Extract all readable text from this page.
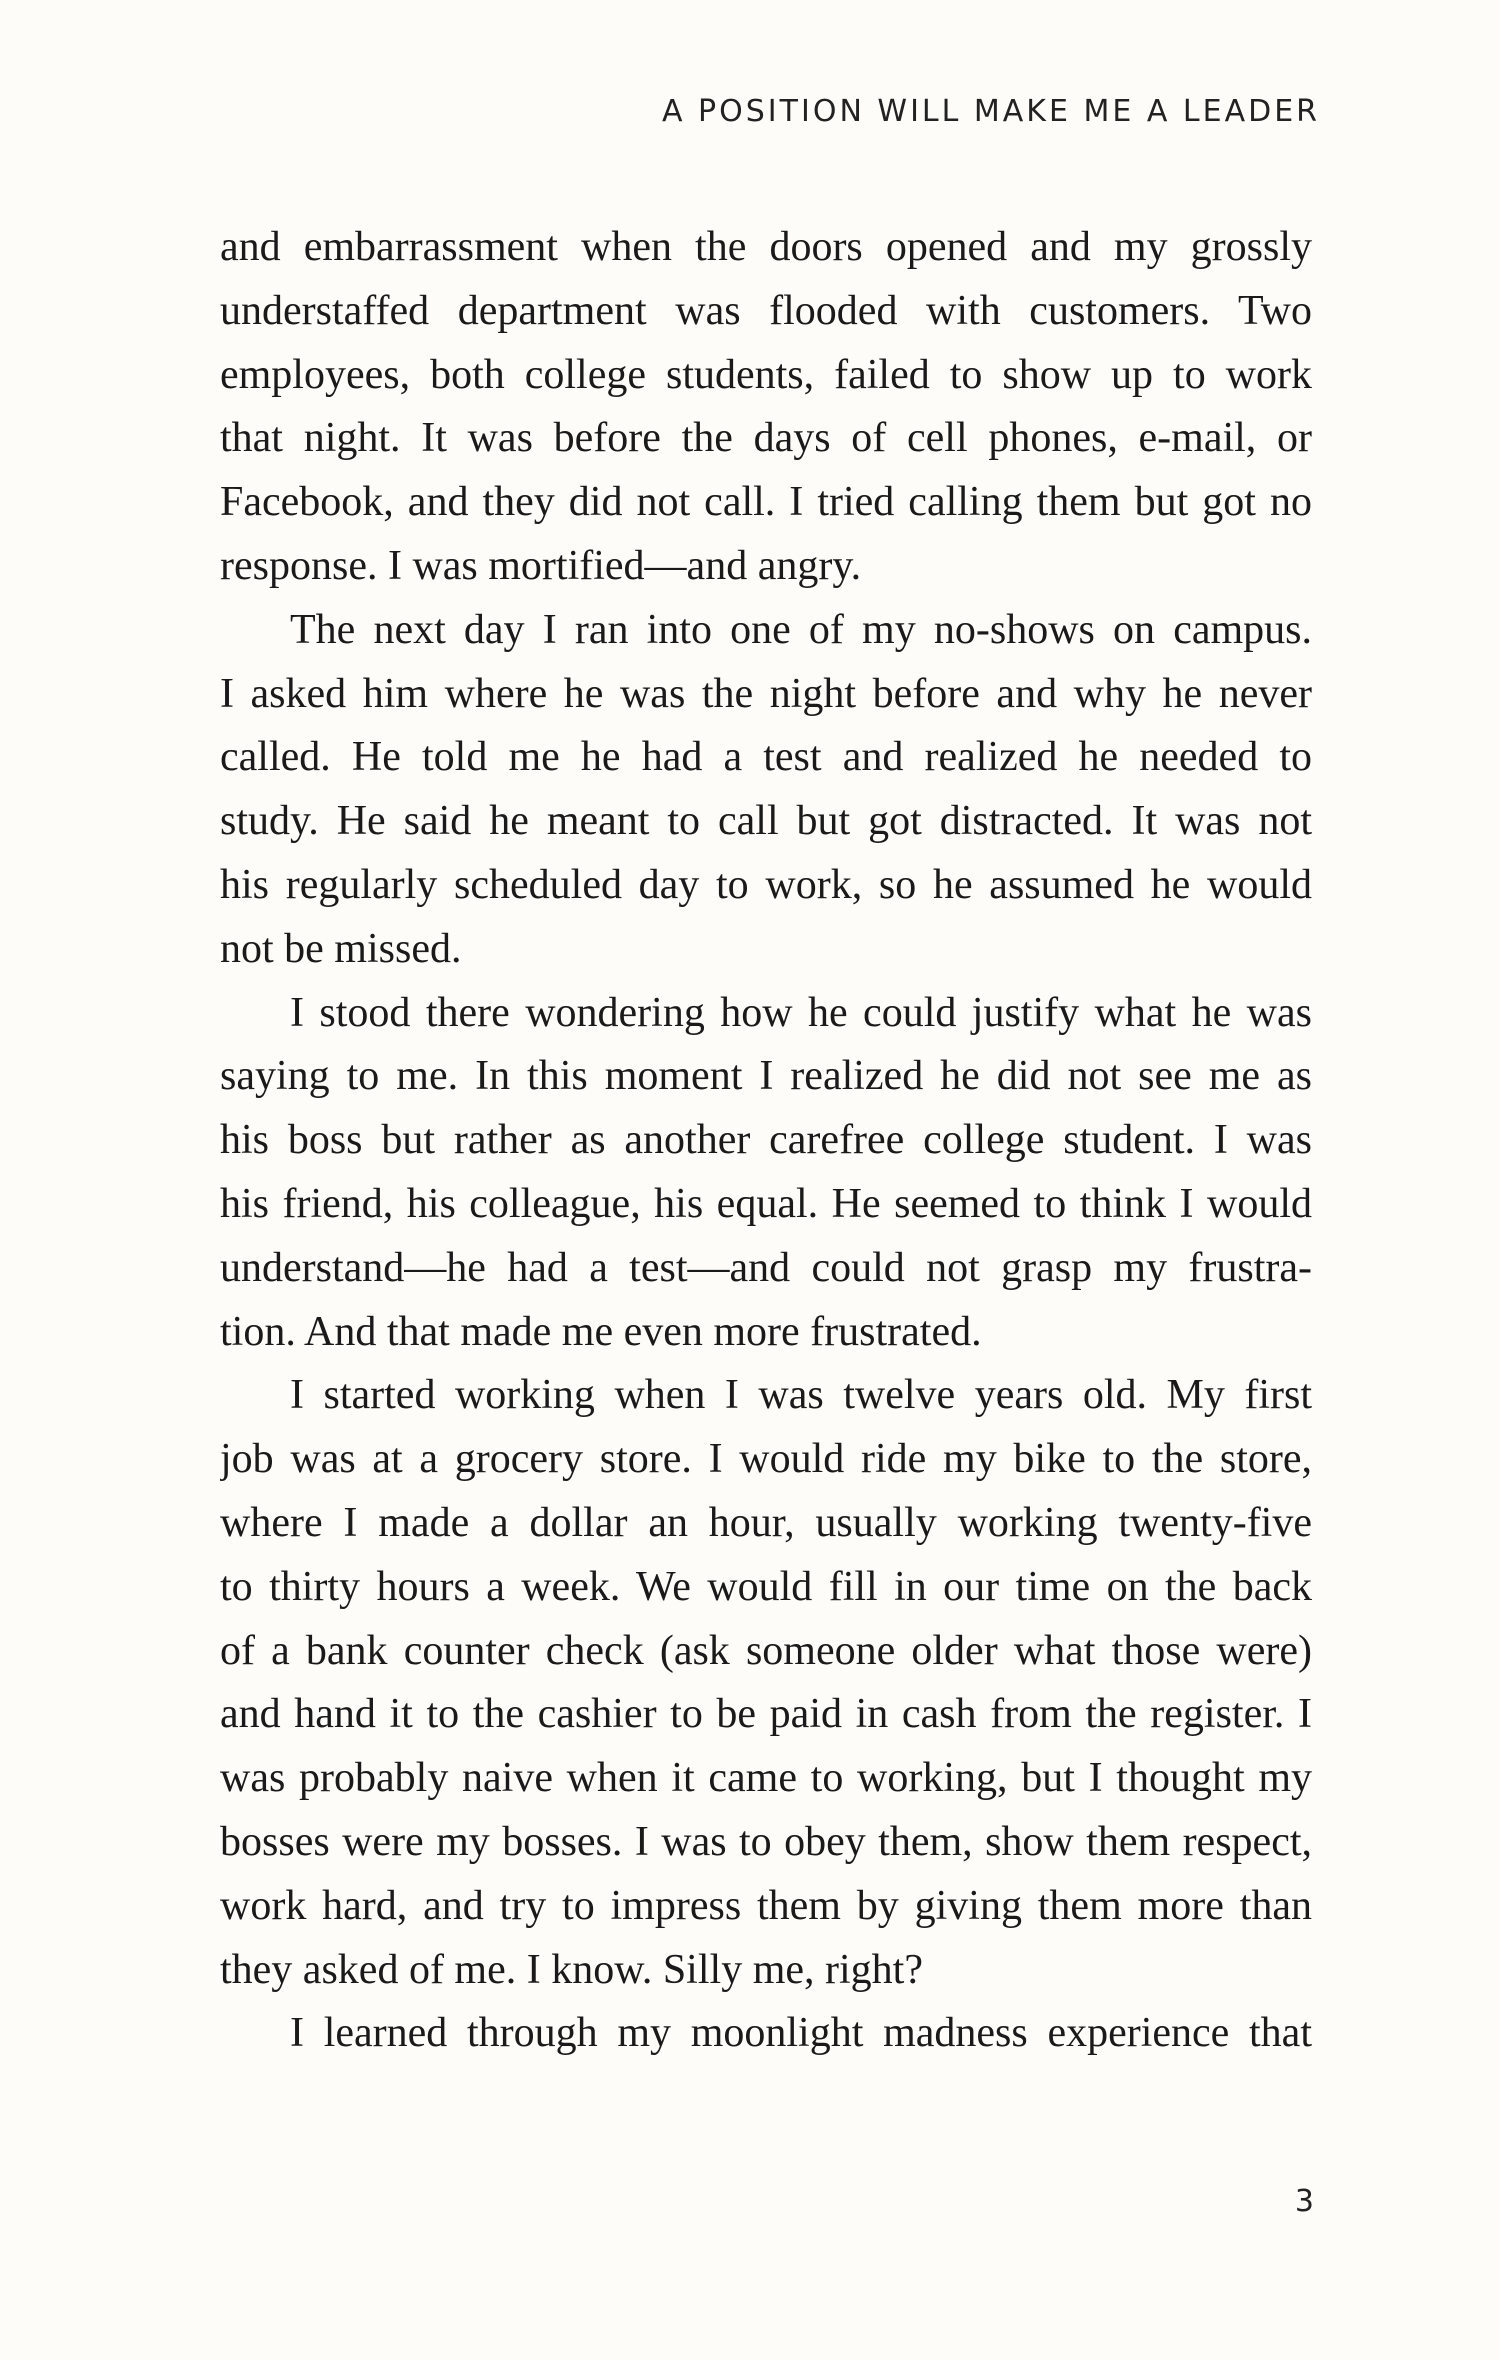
A POSITION WILL MAKE ME A LEADER
and embarrassment when the doors opened and my grossly
understaffed department was flooded with customers. Two
employees, both college students, failed to show up to work
that night. It was before the days of cell phones, e-mail, or
Facebook, and they did not call. I tried calling them but got no
response. I was mortified—and angry.
The next day I ran into one of my no-shows on campus.
I asked him where he was the night before and why he never
called. He told me he had a test and realized he needed to
study. He said he meant to call but got distracted. It was not
his regularly scheduled day to work, so he assumed he would
not be missed.
I stood there wondering how he could justify what he was
saying to me. In this moment I realized he did not see me as
his boss but rather as another carefree college student. I was
his friend, his colleague, his equal. He seemed to think I would
understand—he had a test—and could not grasp my frustra-
tion. And that made me even more frustrated.
I started working when I was twelve years old. My first
job was at a grocery store. I would ride my bike to the store,
where I made a dollar an hour, usually working twenty-five
to thirty hours a week. We would fill in our time on the back
of a bank counter check (ask someone older what those were)
and hand it to the cashier to be paid in cash from the register. I
was probably naive when it came to working, but I thought my
bosses were my bosses. I was to obey them, show them respect,
work hard, and try to impress them by giving them more than
they asked of me. I know. Silly me, right?
I learned through my moonlight madness experience that
3
